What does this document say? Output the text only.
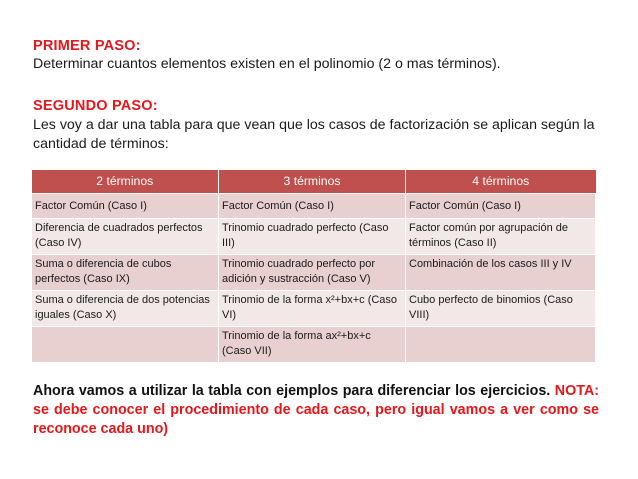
PRIMER PASO:
Determinar cuantos elementos existen en el polinomio (2 o mas términos).
SEGUNDO PASO:
Les voy a dar una tabla para que vean que los casos de factorización se aplican según la cantidad de términos:
2 términos	3 términos	4 términos
Factor Común (Caso I)	Factor Común (Caso I)	Factor Común (Caso I)
Diferencia de cuadrados perfectos (Caso IV)	Trinomio cuadrado perfecto (Caso III)	Factor común por agrupación de términos (Caso II)
Suma o diferencia de cubos perfectos (Caso IX)	Trinomio cuadrado perfecto por adición y sustracción (Caso V)	Combinación de los casos III y IV
Suma o diferencia de dos potencias iguales (Caso X)	Trinomio de la forma x²+bx+c (Caso VI)	Cubo perfecto de binomios (Caso VIII)
	Trinomio de la forma ax²+bx+c (Caso VII)	
Ahora vamos a utilizar la tabla con ejemplos para diferenciar los ejercicios. NOTA: se debe conocer el procedimiento de cada caso, pero igual vamos a ver como se reconoce cada uno)
